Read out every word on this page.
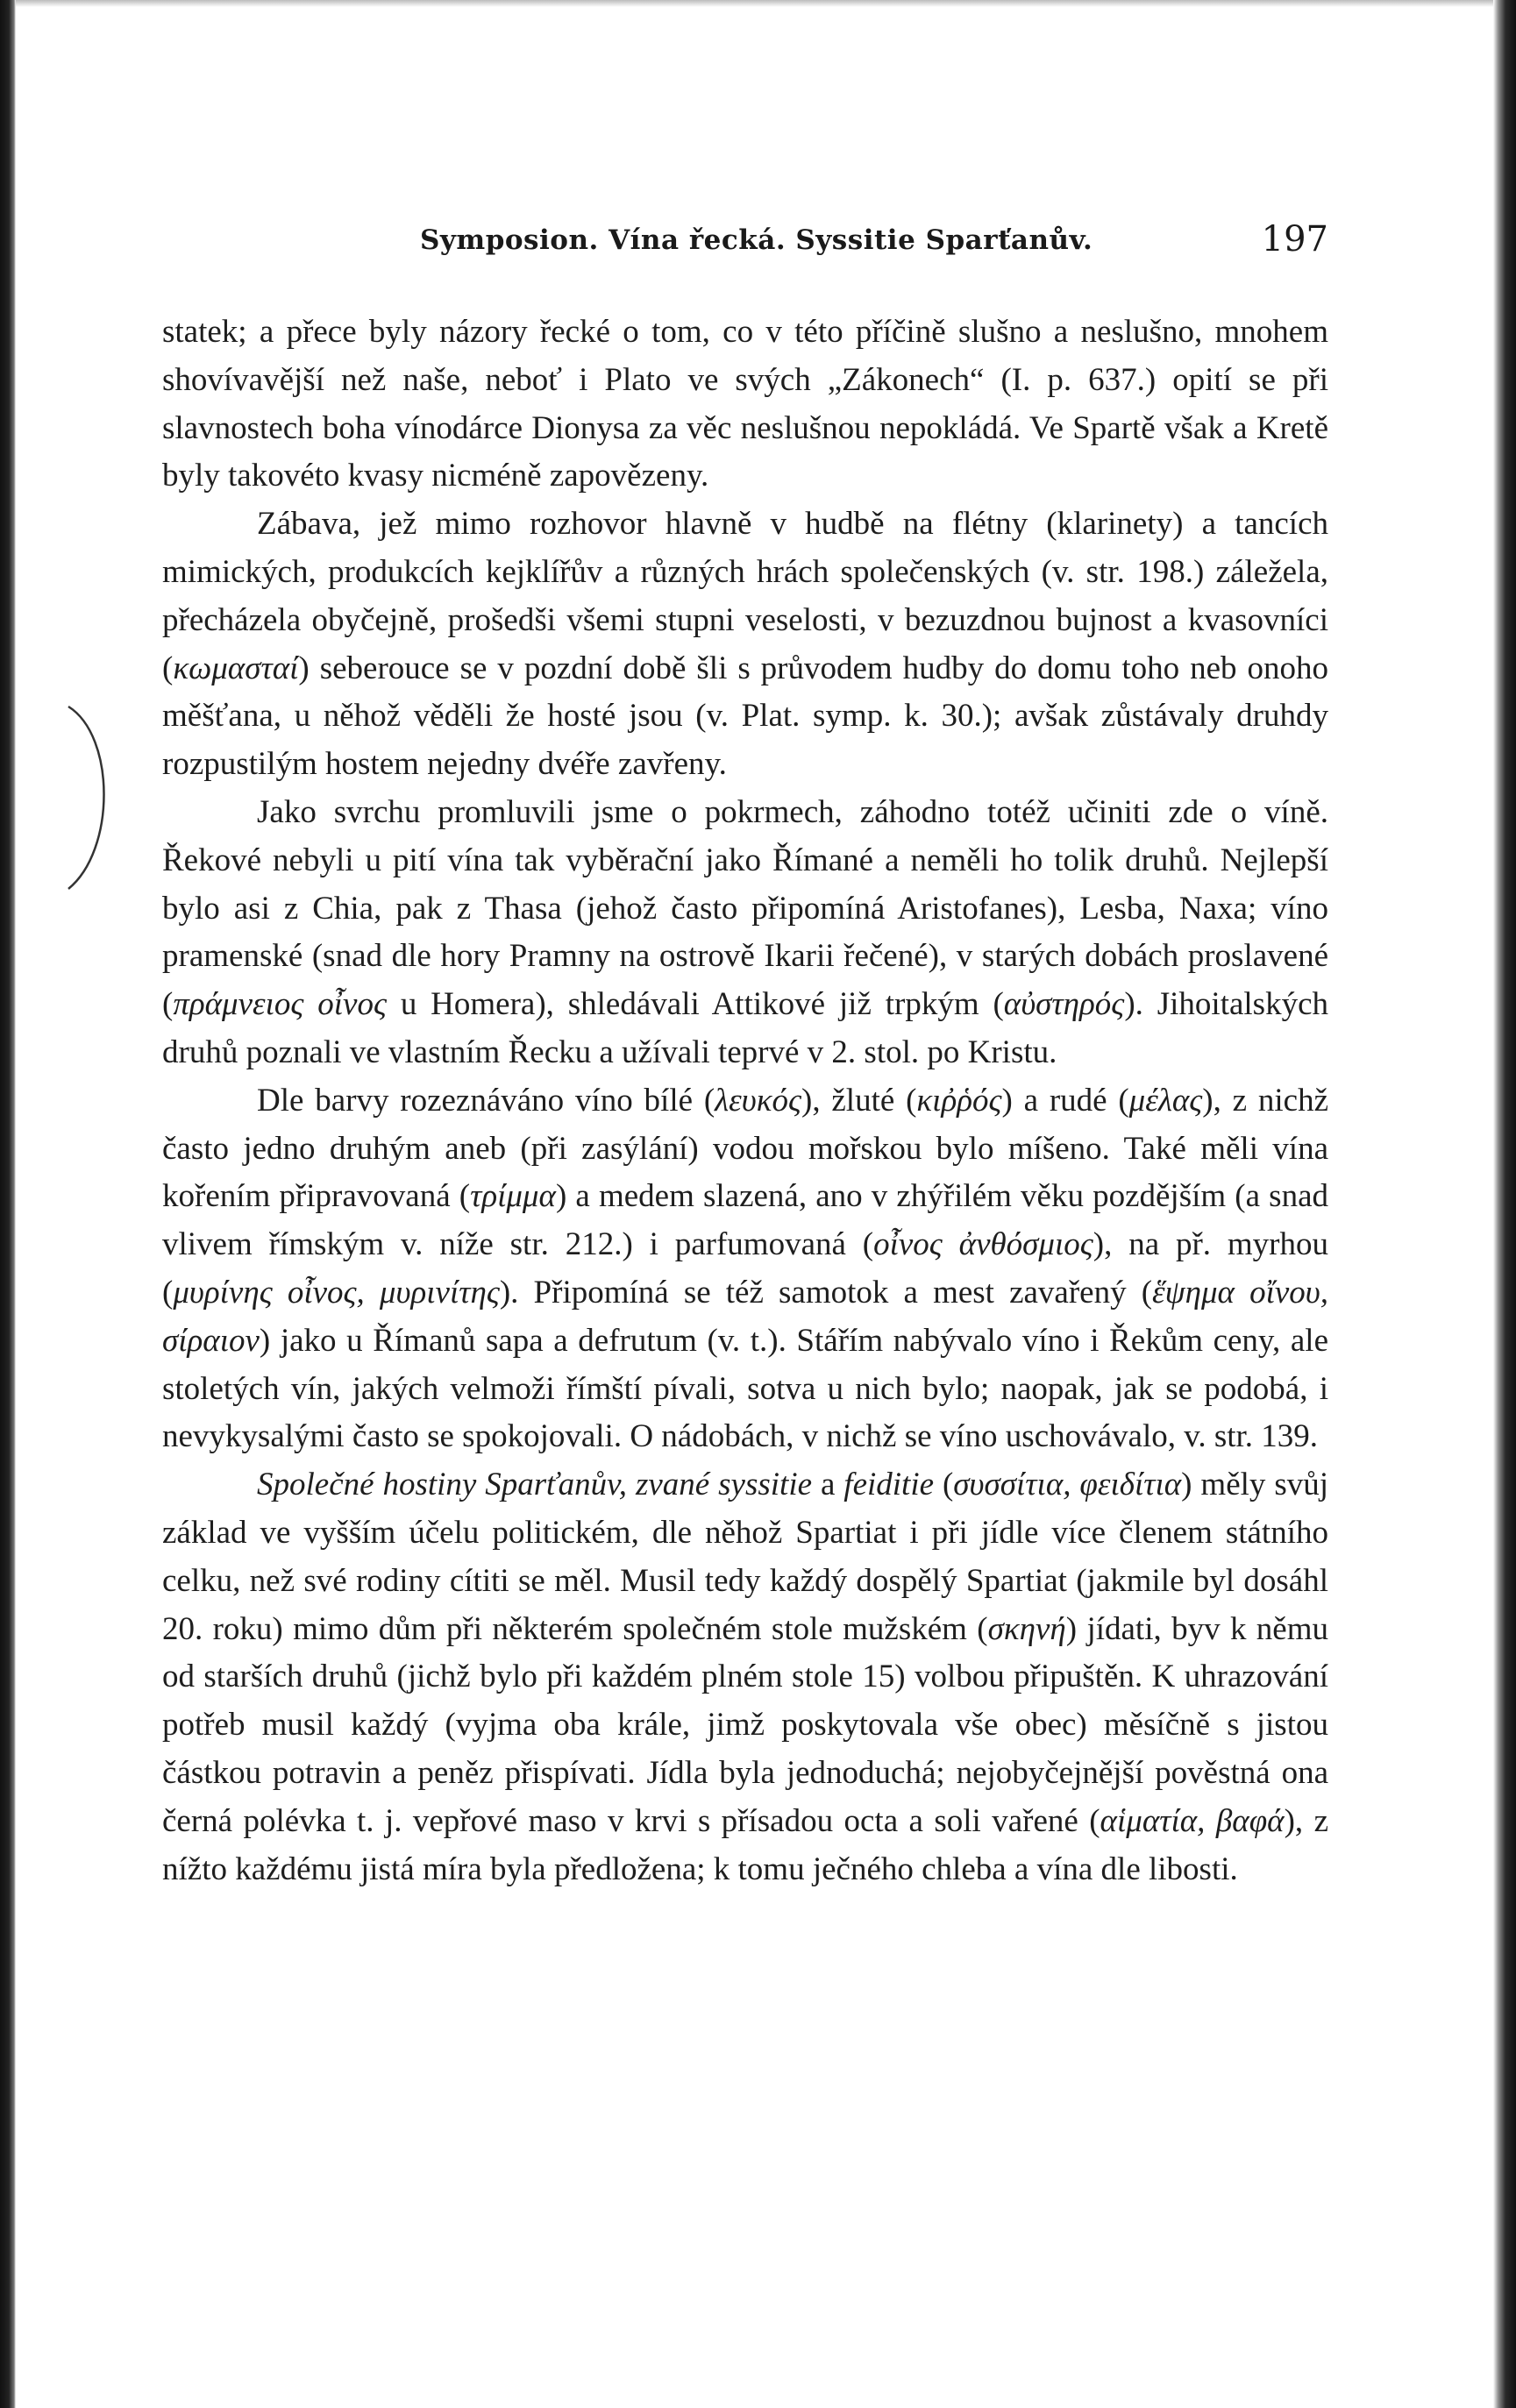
Symposion. Vína řecká. Syssitie Sparťanův.	197

statek; a přece byly názory řecké o tom, co v této příčině slušno a neslušno, mnohem shovívavější než naše, neboť i Plato ve svých „Zákonech“ (I. p. 637.) opití se při slavnostech boha vínodárce Dionysa za věc neslušnou nepokládá. Ve Spartě však a Kretě byly takovéto kvasy nicméně zapovězeny.

Zábava, jež mimo rozhovor hlavně v hudbě na flétny (klarinety) a tancích mimických, produkcích kejklířův a různých hrách společenských (v. str. 198.) záležela, přecházela obyčejně, prošedši všemi stupni veselosti, v bezuzdnou bujnost a kvasovníci (κωμασταί) seberouce se v pozdní době šli s průvodem hudby do domu toho neb onoho měšťana, u něhož věděli že hosté jsou (v. Plat. symp. k. 30.); avšak zůstávaly druhdy rozpustilým hostem nejedny dvéře zavřeny.

Jako svrchu promluvili jsme o pokrmech, záhodno totéž učiniti zde o víně. Řekové nebyli u pití vína tak vyběrační jako Římané a neměli ho tolik druhů. Nejlepší bylo asi z Chia, pak z Thasa (jehož často připomíná Aristofanes), Lesba, Naxa; víno pramenské (snad dle hory Pramny na ostrově Ikarii řečené), v starých dobách proslavené (πράμνειος οἶνος u Homera), shledávali Attikové již trpkým (αὐστηρός). Jihoitalských druhů poznali ve vlastním Řecku a užívali teprvé v 2. stol. po Kristu.

Dle barvy rozeznáváno víno bílé (λευκός), žluté (κιῤῥός) a rudé (μέλας), z nichž často jedno druhým aneb (při zasýlání) vodou mořskou bylo míšeno. Také měli vína kořením připravovaná (τρίμμα) a medem slazená, ano v zhýřilém věku pozdějším (a snad vlivem římským v. níže str. 212.) i parfumovaná (οἶνος ἀνθόσμιος), na př. myrhou (μυρίνης οἶνος, μυρινίτης). Připomíná se též samotok a mest zavařený (ἕψημα οἴνου, σίραιον) jako u Římanů sapa a defrutum (v. t.). Stářím nabývalo víno i Řekům ceny, ale stoletých vín, jakých velmoži římští pívali, sotva u nich bylo; naopak, jak se podobá, i nevykysalými často se spokojovali. O nádobách, v nichž se víno uschovávalo, v. str. 139.

Společné hostiny Sparťanův, zvané syssitie a feiditie (συσσίτια, φειδίτια) měly svůj základ ve vyšším účelu politickém, dle něhož Spartiat i při jídle více členem státního celku, než své rodiny cítiti se měl. Musil tedy každý dospělý Spartiat (jakmile byl dosáhl 20. roku) mimo dům při některém společném stole mužském (σκηνή) jídati, byv k němu od starších druhů (jichž bylo při každém plném stole 15) volbou připuštěn. K uhrazování potřeb musil každý (vyjma oba krále, jimž poskytovala vše obec) měsíčně s jistou částkou potravin a peněz přispívati. Jídla byla jednoduchá; nejobyčejnější pověstná ona černá polévka t. j. vepřové maso v krvi s přísadou octa a soli vařené (αἱματία, βαφά), z nížto každému jistá míra byla předložena; k tomu ječného chleba a vína dle libosti.
